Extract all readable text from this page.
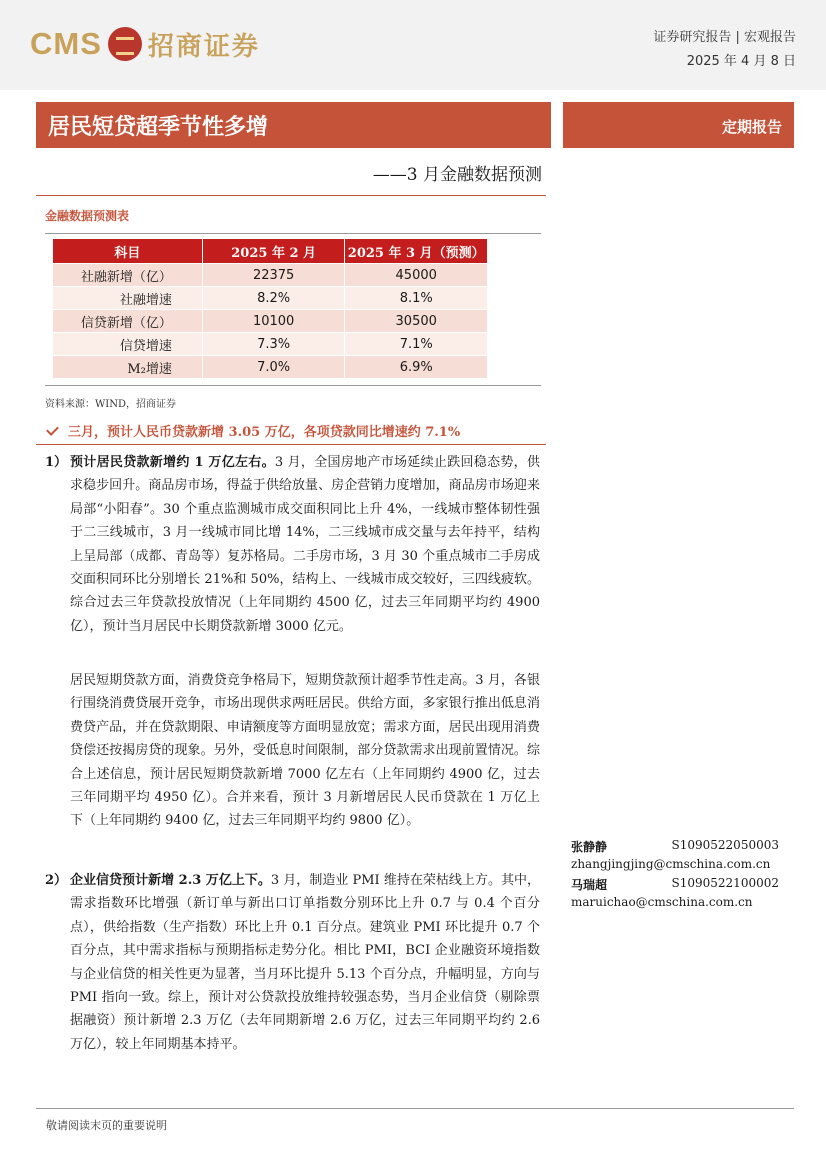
CMS 招商证券	证券研究报告 | 宏观报告
2025 年 4 月 8 日
居民短贷超季节性多增	定期报告
——3 月金融数据预测
金融数据预测表
科目	2025 年 2 月	2025 年 3 月（预测）
社融新增（亿）	22375	45000
社融增速	8.2%	8.1%
信贷新增（亿）	10100	30500
信贷增速	7.3%	7.1%
M₂增速	7.0%	6.9%
资料来源：WIND，招商证券
三月，预计人民币贷款新增 3.05 万亿，各项贷款同比增速约 7.1%
1） 预计居民贷款新增约 1 万亿左右。3 月，全国房地产市场延续止跌回稳态势，供求稳步回升。商品房市场，得益于供给放量、房企营销力度增加，商品房市场迎来局部“小阳春”。30 个重点监测城市成交面积同比上升 4%，一线城市整体韧性强于二三线城市，3 月一线城市同比增 14%，二三线城市成交量与去年持平，结构上呈局部（成都、青岛等）复苏格局。二手房市场，3 月 30 个重点城市二手房成交面积同环比分别增长 21%和 50%，结构上、一线城市成交较好，三四线疲软。综合过去三年贷款投放情况（上年同期约 4500 亿，过去三年同期平均约 4900 亿），预计当月居民中长期贷款新增 3000 亿元。
居民短期贷款方面，消费贷竞争格局下，短期贷款预计超季节性走高。3 月，各银行围绕消费贷展开竞争，市场出现供求两旺居民。供给方面，多家银行推出低息消费贷产品，并在贷款期限、申请额度等方面明显放宽；需求方面，居民出现用消费贷偿还按揭房贷的现象。另外，受低息时间限制，部分贷款需求出现前置情况。综合上述信息，预计居民短期贷款新增 7000 亿左右（上年同期约 4900 亿，过去三年同期平均 4950 亿）。合并来看，预计 3 月新增居民人民币贷款在 1 万亿上下（上年同期约 9400 亿，过去三年同期平均约 9800 亿）。
2） 企业信贷预计新增 2.3 万亿上下。3 月，制造业 PMI 维持在荣枯线上方。其中，需求指数环比增强（新订单与新出口订单指数分别环比上升 0.7 与 0.4 个百分点），供给指数（生产指数）环比上升 0.1 百分点。建筑业 PMI 环比提升 0.7 个百分点，其中需求指标与预期指标走势分化。相比 PMI，BCI 企业融资环境指数与企业信贷的相关性更为显著，当月环比提升 5.13 个百分点，升幅明显，方向与 PMI 指向一致。综上，预计对公贷款投放维持较强态势，当月企业信贷（剔除票据融资）预计新增 2.3 万亿（去年同期新增 2.6 万亿，过去三年同期平均约 2.6 万亿），较上年同期基本持平。
张静静	S1090522050003
zhangjingjing@cmschina.com.cn
马瑞超	S1090522100002
maruichao@cmschina.com.cn
敬请阅读末页的重要说明
